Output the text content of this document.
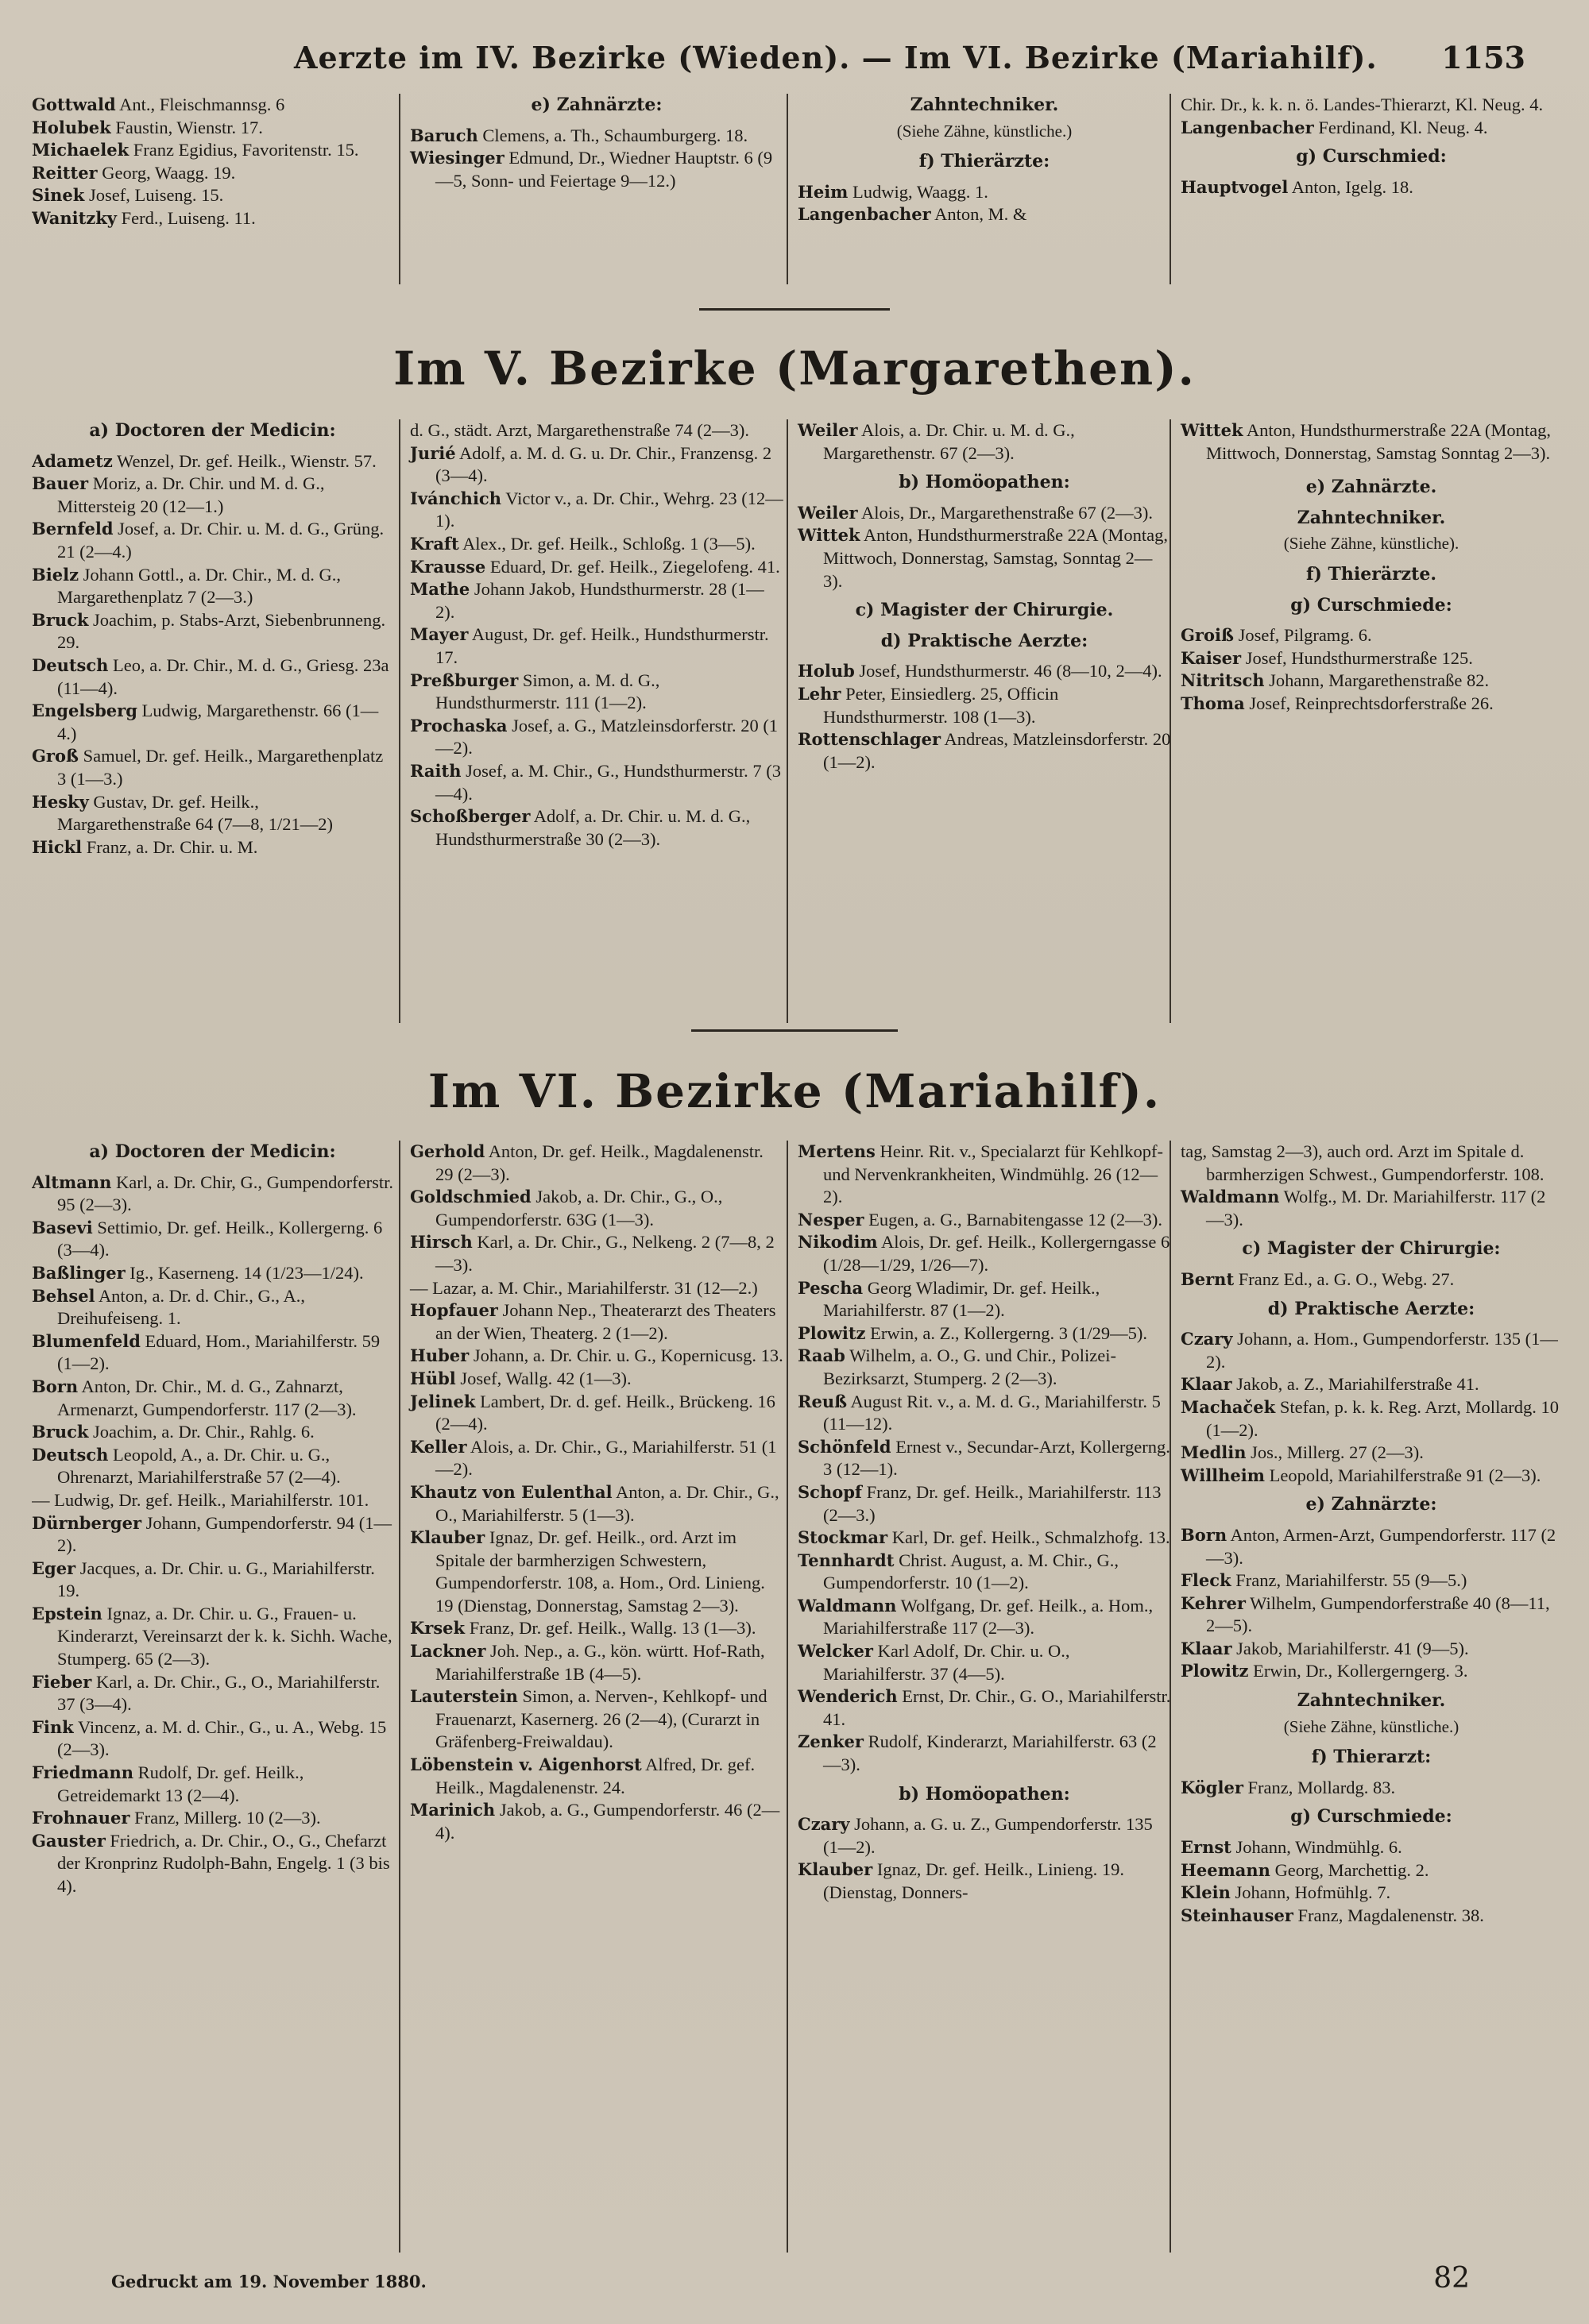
Aerzte im IV. Bezirke (Wieden). — Im VI. Bezirke (Mariahilf). 1153
Gottwald Ant., Fleischmannsg. 6
Holubek Faustin, Wienstr. 17.
Michaelek Franz Egidius, Favoritenstr. 15.
Reitter Georg, Waagg. 19.
Sinek Josef, Luiseng. 15.
Wanitzky Ferd., Luiseng. 11.
e) Zahnärzte:
Baruch Clemens, a. Th., Schaumburgerg. 18.
Wiesinger Edmund, Dr., Wiedner Hauptstr. 6 (9—5, Sonn- und Feiertage 9—12.)
Zahntechniker.
(Siehe Zähne, künstliche.)
f) Thierärzte:
Heim Ludwig, Waagg. 1.
Langenbacher Anton, M. &
Chir. Dr., k. k. n. ö. Landes-Thierarzt, Kl. Neug. 4.
Langenbacher Ferdinand, Kl. Neug. 4.
g) Curschmied:
Hauptvogel Anton, Igelg. 18.
Im V. Bezirke (Margarethen).
a) Doctoren der Medicin:
Adametz Wenzel, Dr. gef. Heilk., Wienstr. 57.
Bauer Moriz, a. Dr. Chir. und M. d. G., Mittersteig 20 (12—1.)
Bernfeld Josef, a. Dr. Chir. u. M. d. G., Grüng. 21 (2—4.)
Bielz Johann Gottl., a. Dr. Chir., M. d. G., Margarethenplatz 7 (2—3.)
Bruck Joachim, p. Stabs-Arzt, Siebenbrunneng. 29.
Deutsch Leo, a. Dr. Chir., M. d. G., Griesg. 23a (11—4).
Engelsberg Ludwig, Margarethenstr. 66 (1—4.)
Groß Samuel, Dr. gef. Heilk., Margarethenplatz 3 (1—3.)
Hesky Gustav, Dr. gef. Heilk., Margarethenstraße 64 (7—8, 1/21—2)
Hickl Franz, a. Dr. Chir. u. M.
d. G., städt. Arzt, Margarethenstraße 74 (2—3).
Jurié Adolf, a. M. d. G. u. Dr. Chir., Franzensg. 2 (3—4).
Ivánchich Victor v., a. Dr. Chir., Wehrg. 23 (12—1).
Kraft Alex., Dr. gef. Heilk., Schloßg. 1 (3—5).
Krausse Eduard, Dr. gef. Heilk., Ziegelofeng. 41.
Mathe Johann Jakob, Hundsthurmerstr. 28 (1—2).
Mayer August, Dr. gef. Heilk., Hundsthurmerstr. 17.
Preßburger Simon, a. M. d. G., Hundsthurmerstr. 111 (1—2).
Prochaska Josef, a. G., Matzleinsdorferstr. 20 (1—2).
Raith Josef, a. M. Chir., G., Hundsthurmerstr. 7 (3—4).
Schoßberger Adolf, a. Dr. Chir. u. M. d. G., Hundsthurmerstraße 30 (2—3).
Weiler Alois, a. Dr. Chir. u. M. d. G., Margarethenstr. 67 (2—3).
b) Homöopathen:
Weiler Alois, Dr., Margarethenstraße 67 (2—3).
Wittek Anton, Hundsthurmerstraße 22A (Montag, Mittwoch, Donnerstag, Samstag, Sonntag 2—3).
c) Magister der Chirurgie.
d) Praktische Aerzte:
Holub Josef, Hundsthurmerstr. 46 (8—10, 2—4).
Lehr Peter, Einsiedlerg. 25, Officin Hundsthurmerstr. 108 (1—3).
Rottenschlager Andreas, Matzleinsdorferstr. 20 (1—2).
Wittek Anton, Hundsthurmerstraße 22A (Montag, Mittwoch, Donnerstag, Samstag Sonntag 2—3).
e) Zahnärzte.
Zahntechniker.
(Siehe Zähne, künstliche).
f) Thierärzte.
g) Curschmiede:
Groiß Josef, Pilgramg. 6.
Kaiser Josef, Hundsthurmerstraße 125.
Nitritsch Johann, Margarethenstraße 82.
Thoma Josef, Reinprechtsdorferstraße 26.
Im VI. Bezirke (Mariahilf).
a) Doctoren der Medicin:
Altmann Karl, a. Dr. Chir, G., Gumpendorferstr. 95 (2—3).
Basevi Settimio, Dr. gef. Heilk., Kollergerng. 6 (3—4).
Baßlinger Ig., Kaserneng. 14 (1/23—1/24).
Behsel Anton, a. Dr. d. Chir., G., A., Dreihufeiseng. 1.
Blumenfeld Eduard, Hom., Mariahilferstr. 59 (1—2).
Born Anton, Dr. Chir., M. d. G., Zahnarzt, Armenarzt, Gumpendorferstr. 117 (2—3).
Bruck Joachim, a. Dr. Chir., Rahlg. 6.
Deutsch Leopold, A., a. Dr. Chir. u. G., Ohrenarzt, Mariahilferstraße 57 (2—4).
— Ludwig, Dr. gef. Heilk., Mariahilferstr. 101.
Dürnberger Johann, Gumpendorferstr. 94 (1—2).
Eger Jacques, a. Dr. Chir. u. G., Mariahilferstr. 19.
Epstein Ignaz, a. Dr. Chir. u. G., Frauen- u. Kinderarzt, Vereinsarzt der k. k. Sichh. Wache, Stumperg. 65 (2—3).
Fieber Karl, a. Dr. Chir., G., O., Mariahilferstr. 37 (3—4).
Fink Vincenz, a. M. d. Chir., G., u. A., Webg. 15 (2—3).
Friedmann Rudolf, Dr. gef. Heilk., Getreidemarkt 13 (2—4).
Frohnauer Franz, Millerg. 10 (2—3).
Gauster Friedrich, a. Dr. Chir., O., G., Chefarzt der Kronprinz Rudolph-Bahn, Engelg. 1 (3 bis 4).
Gerhold Anton, Dr. gef. Heilk., Magdalenenstr. 29 (2—3).
Goldschmied Jakob, a. Dr. Chir., G., O., Gumpendorferstr. 63G (1—3).
Hirsch Karl, a. Dr. Chir., G., Nelkeng. 2 (7—8, 2—3).
— Lazar, a. M. Chir., Mariahilferstr. 31 (12—2.)
Hopfauer Johann Nep., Theaterarzt des Theaters an der Wien, Theaterg. 2 (1—2).
Huber Johann, a. Dr. Chir. u. G., Kopernicusg. 13.
Hübl Josef, Wallg. 42 (1—3).
Jelinek Lambert, Dr. d. gef. Heilk., Brückeng. 16 (2—4).
Keller Alois, a. Dr. Chir., G., Mariahilferstr. 51 (1—2).
Khautz von Eulenthal Anton, a. Dr. Chir., G., O., Mariahilferstr. 5 (1—3).
Klauber Ignaz, Dr. gef. Heilk., ord. Arzt im Spitale der barmherzigen Schwestern, Gumpendorferstr. 108, a. Hom., Ord. Linieng. 19 (Dienstag, Donnerstag, Samstag 2—3).
Krsek Franz, Dr. gef. Heilk., Wallg. 13 (1—3).
Lackner Joh. Nep., a. G., kön. württ. Hof-Rath, Mariahilferstraße 1B (4—5).
Lauterstein Simon, a. Nerven-, Kehlkopf- und Frauenarzt, Kasernerg. 26 (2—4), (Curarzt in Gräfenberg-Freiwaldau).
Löbenstein v. Aigenhorst Alfred, Dr. gef. Heilk., Magdalenenstr. 24.
Marinich Jakob, a. G., Gumpendorferstr. 46 (2—4).
Mertens Heinr. Rit. v., Specialarzt für Kehlkopf- und Nervenkrankheiten, Windmühlg. 26 (12—2).
Nesper Eugen, a. G., Barnabitengasse 12 (2—3).
Nikodim Alois, Dr. gef. Heilk., Kollergerngasse 6 (1/28—1/29, 1/26—7).
Pescha Georg Wladimir, Dr. gef. Heilk., Mariahilferstr. 87 (1—2).
Plowitz Erwin, a. Z., Kollergerng. 3 (1/29—5).
Raab Wilhelm, a. O., G. und Chir., Polizei-Bezirksarzt, Stumperg. 2 (2—3).
Reuß August Rit. v., a. M. d. G., Mariahilferstr. 5 (11—12).
Schönfeld Ernest v., Secundar-Arzt, Kollergerng. 3 (12—1).
Schopf Franz, Dr. gef. Heilk., Mariahilferstr. 113 (2—3.)
Stockmar Karl, Dr. gef. Heilk., Schmalzhofg. 13.
Tennhardt Christ. August, a. M. Chir., G., Gumpendorferstr. 10 (1—2).
Waldmann Wolfgang, Dr. gef. Heilk., a. Hom., Mariahilferstraße 117 (2—3).
Welcker Karl Adolf, Dr. Chir. u. O., Mariahilferstr. 37 (4—5).
Wenderich Ernst, Dr. Chir., G. O., Mariahilferstr. 41.
Zenker Rudolf, Kinderarzt, Mariahilferstr. 63 (2—3).
b) Homöopathen:
Czary Johann, a. G. u. Z., Gumpendorferstr. 135 (1—2).
Klauber Ignaz, Dr. gef. Heilk., Linieng. 19. (Dienstag, Donners-
tag, Samstag 2—3), auch ord. Arzt im Spitale d. barmherzigen Schwest., Gumpendorferstr. 108.
Waldmann Wolfg., M. Dr. Mariahilferstr. 117 (2—3).
c) Magister der Chirurgie:
Bernt Franz Ed., a. G. O., Webg. 27.
d) Praktische Aerzte:
Czary Johann, a. Hom., Gumpendorferstr. 135 (1—2).
Klaar Jakob, a. Z., Mariahilferstraße 41.
Machaček Stefan, p. k. k. Reg. Arzt, Mollardg. 10 (1—2).
Medlin Jos., Millerg. 27 (2—3).
Willheim Leopold, Mariahilferstraße 91 (2—3).
e) Zahnärzte:
Born Anton, Armen-Arzt, Gumpendorferstr. 117 (2—3).
Fleck Franz, Mariahilferstr. 55 (9—5.)
Kehrer Wilhelm, Gumpendorferstraße 40 (8—11, 2—5).
Klaar Jakob, Mariahilferstr. 41 (9—5).
Plowitz Erwin, Dr., Kollergerngerg. 3.
Zahntechniker.
(Siehe Zähne, künstliche.)
f) Thierarzt:
Kögler Franz, Mollardg. 83.
g) Curschmiede:
Ernst Johann, Windmühlg. 6.
Heemann Georg, Marchettig. 2.
Klein Johann, Hofmühlg. 7.
Steinhauser Franz, Magdalenenstr. 38.
Gedruckt am 19. November 1880.	82
